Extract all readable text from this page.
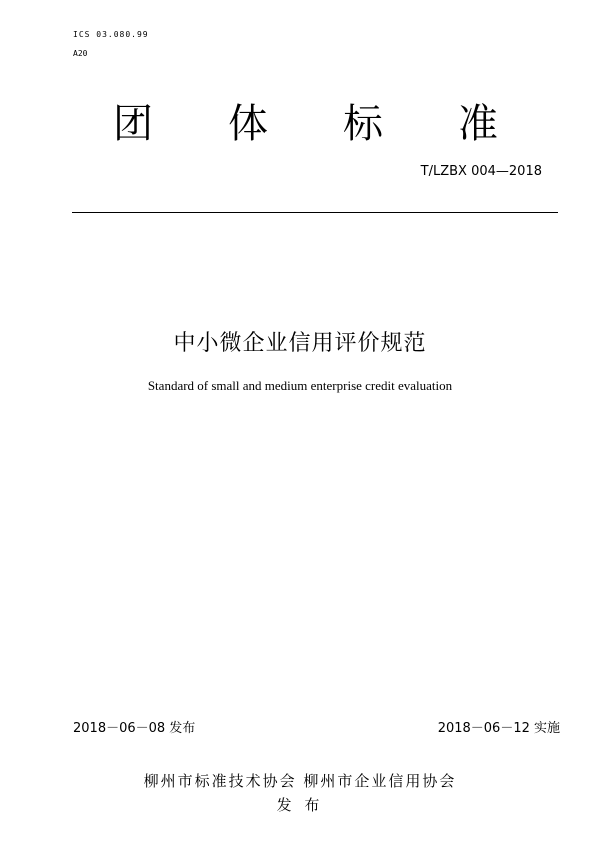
ICS 03.080.99
A20
团 体 标 准
T/LZBX 004—2018
中小微企业信用评价规范
Standard of small and medium enterprise credit evaluation
2018－06－08 发布	2018－06－12 实施
柳州市标准技术协会 柳州市企业信用协会
发 布
